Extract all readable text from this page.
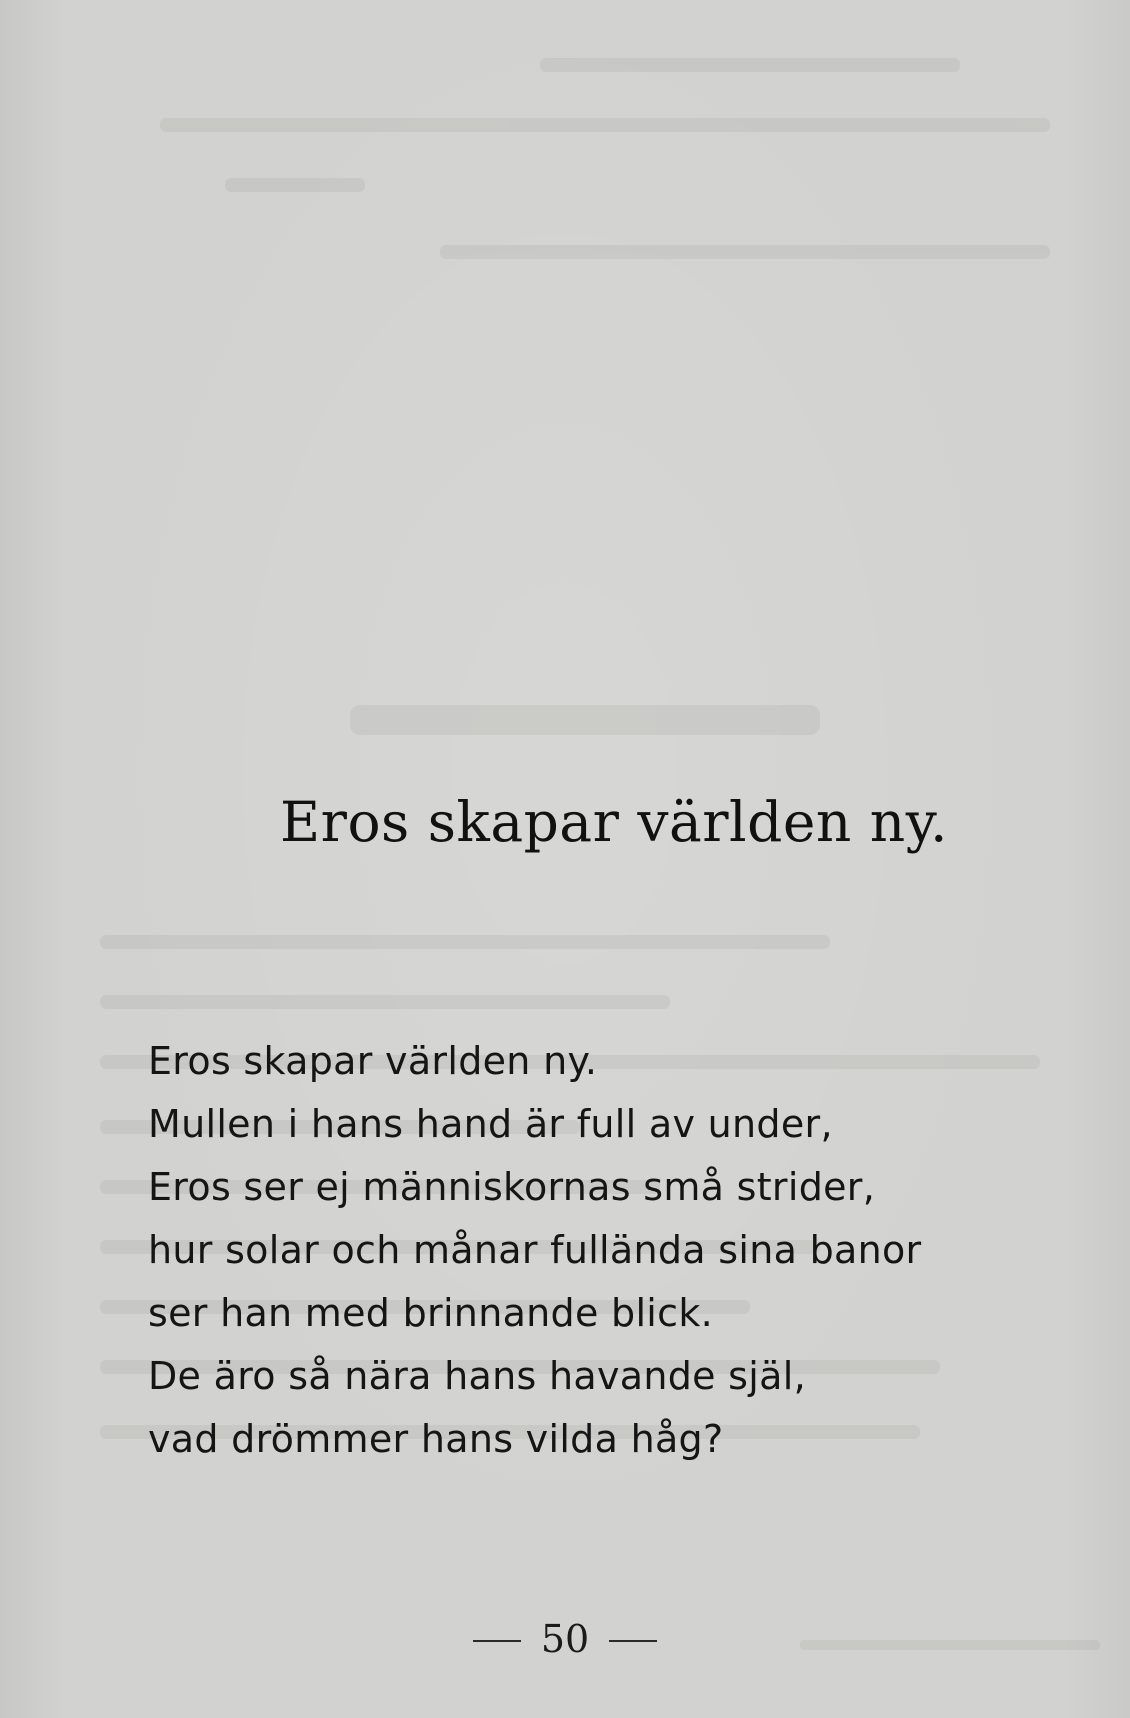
Eros skapar världen ny.
Eros skapar världen ny.
Mullen i hans hand är full av under,
Eros ser ej människornas små strider,
hur solar och månar fullända sina banor
ser han med brinnande blick.
De äro så nära hans havande själ,
vad drömmer hans vilda håg?
50
